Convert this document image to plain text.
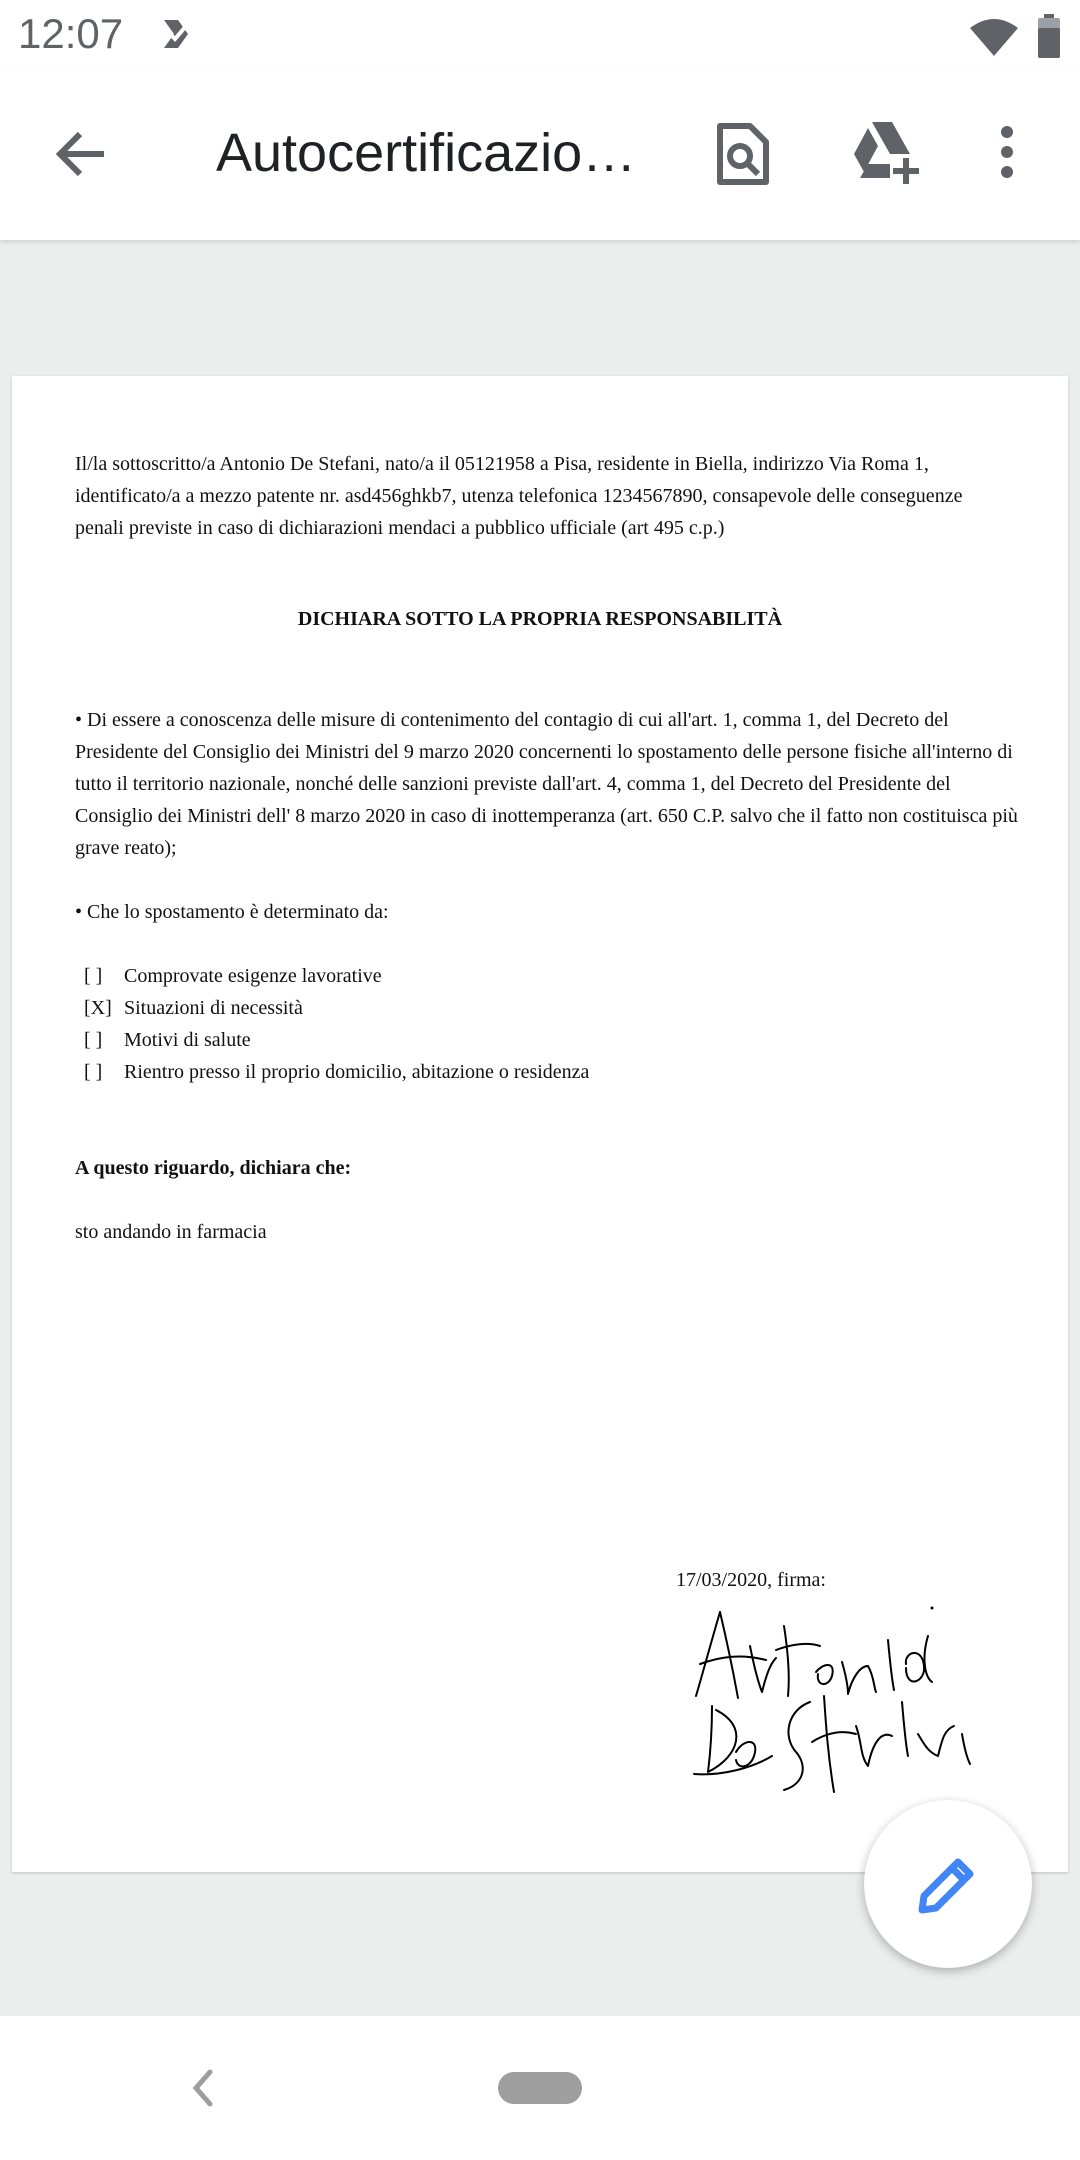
12:07
Autocertificazio…

Il/la sottoscritto/a Antonio De Stefani, nato/a il 05121958 a Pisa, residente in Biella, indirizzo Via Roma 1, identificato/a a mezzo patente nr. asd456ghkb7, utenza telefonica 1234567890, consapevole delle conseguenze penali previste in caso di dichiarazioni mendaci a pubblico ufficiale (art 495 c.p.)

DICHIARA SOTTO LA PROPRIA RESPONSABILITÀ

• Di essere a conoscenza delle misure di contenimento del contagio di cui all'art. 1, comma 1, del Decreto del Presidente del Consiglio dei Ministri del 9 marzo 2020 concernenti lo spostamento delle persone fisiche all'interno di tutto il territorio nazionale, nonché delle sanzioni previste dall'art. 4, comma 1, del Decreto del Presidente del Consiglio dei Ministri dell' 8 marzo 2020 in caso di inottemperanza (art. 650 C.P. salvo che il fatto non costituisca più grave reato);

• Che lo spostamento è determinato da:

[ ]	Comprovate esigenze lavorative
[X] Situazioni di necessità
[ ]	Motivi di salute
[ ]	Rientro presso il proprio domicilio, abitazione o residenza

A questo riguardo, dichiara che:

sto andando in farmacia

17/03/2020, firma:
